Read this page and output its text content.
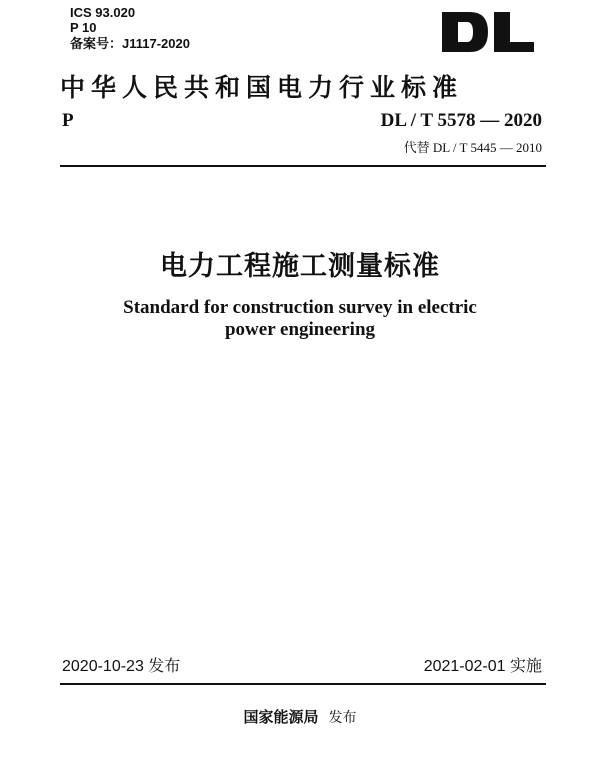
ICS 93.020
P 10
备案号：J1117-2020
中华人民共和国电力行业标准
P	DL / T 5578 — 2020
代替 DL / T 5445 — 2010
电力工程施工测量标准
Standard for construction survey in electric
power engineering
2020-10-23 发布	2021-02-01 实施
国家能源局 发布
